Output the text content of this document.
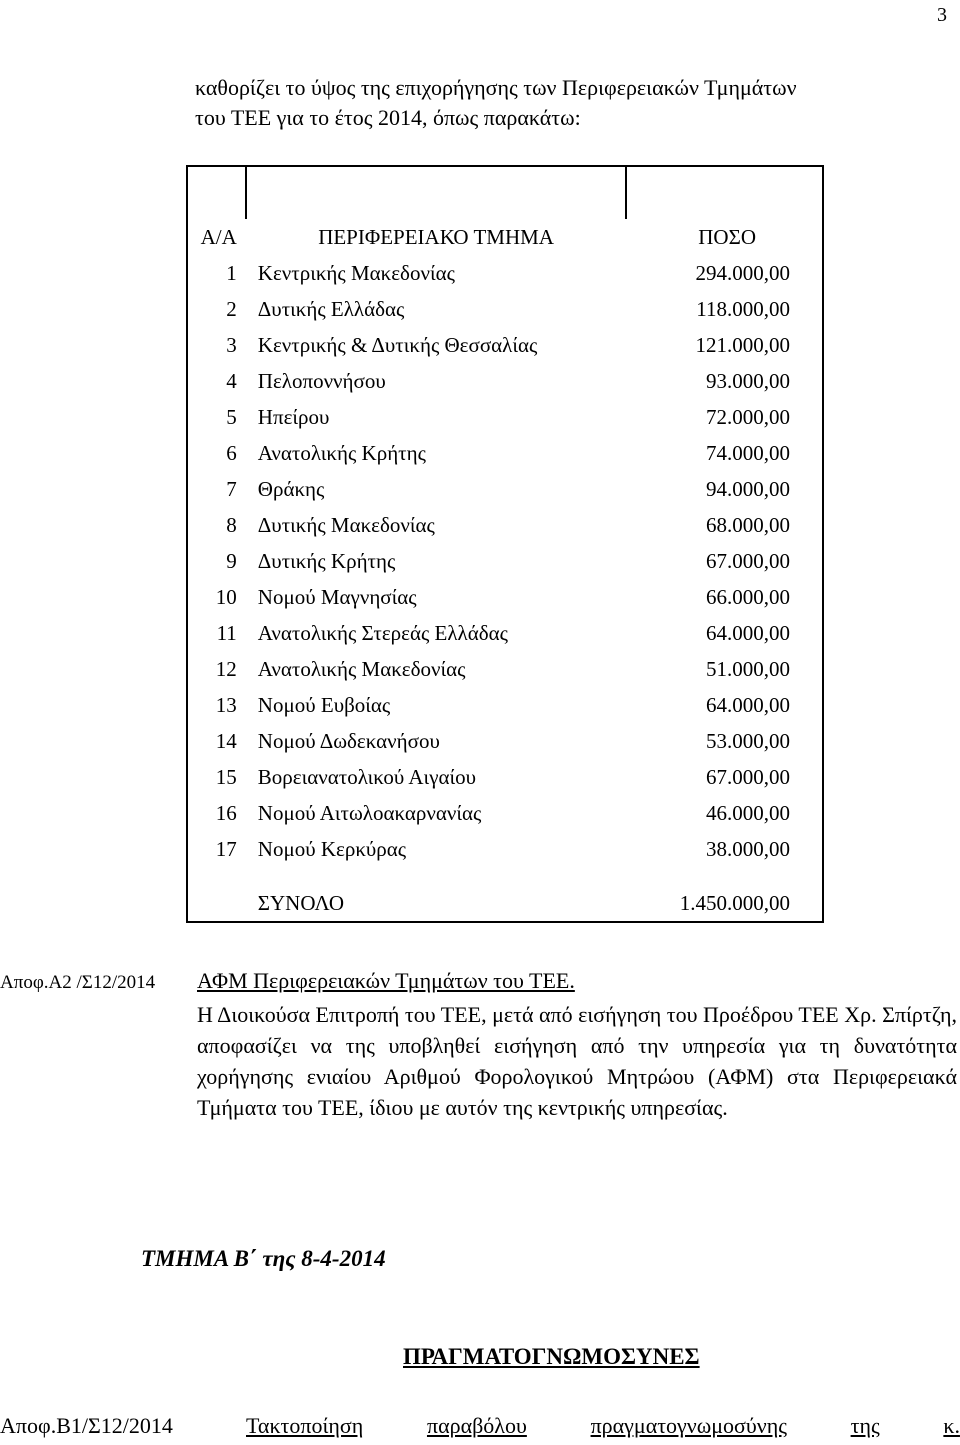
3

καθορίζει το ύψος της επιχορήγησης των Περιφερειακών Τμημάτων

του ΤΕΕ για το έτος 2014, όπως παρακάτω:

Α/Α	ΠΕΡΙΦΕΡΕΙΑΚΟ ΤΜΗΜΑ	ΠΟΣΟ
1	Κεντρικής Μακεδονίας	294.000,00
2	Δυτικής Ελλάδας	118.000,00
3	Κεντρικής & Δυτικής Θεσσαλίας	121.000,00
4	Πελοποννήσου	93.000,00
5	Ηπείρου	72.000,00
6	Ανατολικής Κρήτης	74.000,00
7	Θράκης	94.000,00
8	Δυτικής Μακεδονίας	68.000,00
9	Δυτικής Κρήτης	67.000,00
10	Νομού Μαγνησίας	66.000,00
11	Ανατολικής Στερεάς Ελλάδας	64.000,00
12	Ανατολικής Μακεδονίας	51.000,00
13	Νομού Ευβοίας	64.000,00
14	Νομού Δωδεκανήσου	53.000,00
15	Βορειανατολικού Αιγαίου	67.000,00
16	Νομού Αιτωλοακαρνανίας	46.000,00
17	Νομού Κερκύρας	38.000,00
	ΣΥΝΟΛΟ	1.450.000,00
Αποφ.Α2 /Σ12/2014 ΑΦΜ Περιφερειακών Τμημάτων του ΤΕΕ.
Η Διοικούσα Επιτροπή του ΤΕΕ, μετά από εισήγηση του Προέδρου ΤΕΕ Χρ. Σπίρτζη, αποφασίζει να της υποβληθεί εισήγηση από την υπηρεσία για τη δυνατότητα χορήγησης ενιαίου Αριθμού Φορολογικού Μητρώου (ΑΦΜ) στα Περιφερειακά Τμήματα του ΤΕΕ, ίδιου με αυτόν της κεντρικής υπηρεσίας.
ΤΜΗΜΑ Β΄ της 8-4-2014
ΠΡΑΓΜΑΤΟΓΝΩΜΟΣΥΝΕΣ
Αποφ.Β1/Σ12/2014	Τακτοποίηση	παραβόλου	πραγματογνωμοσύνης	της	κ.
